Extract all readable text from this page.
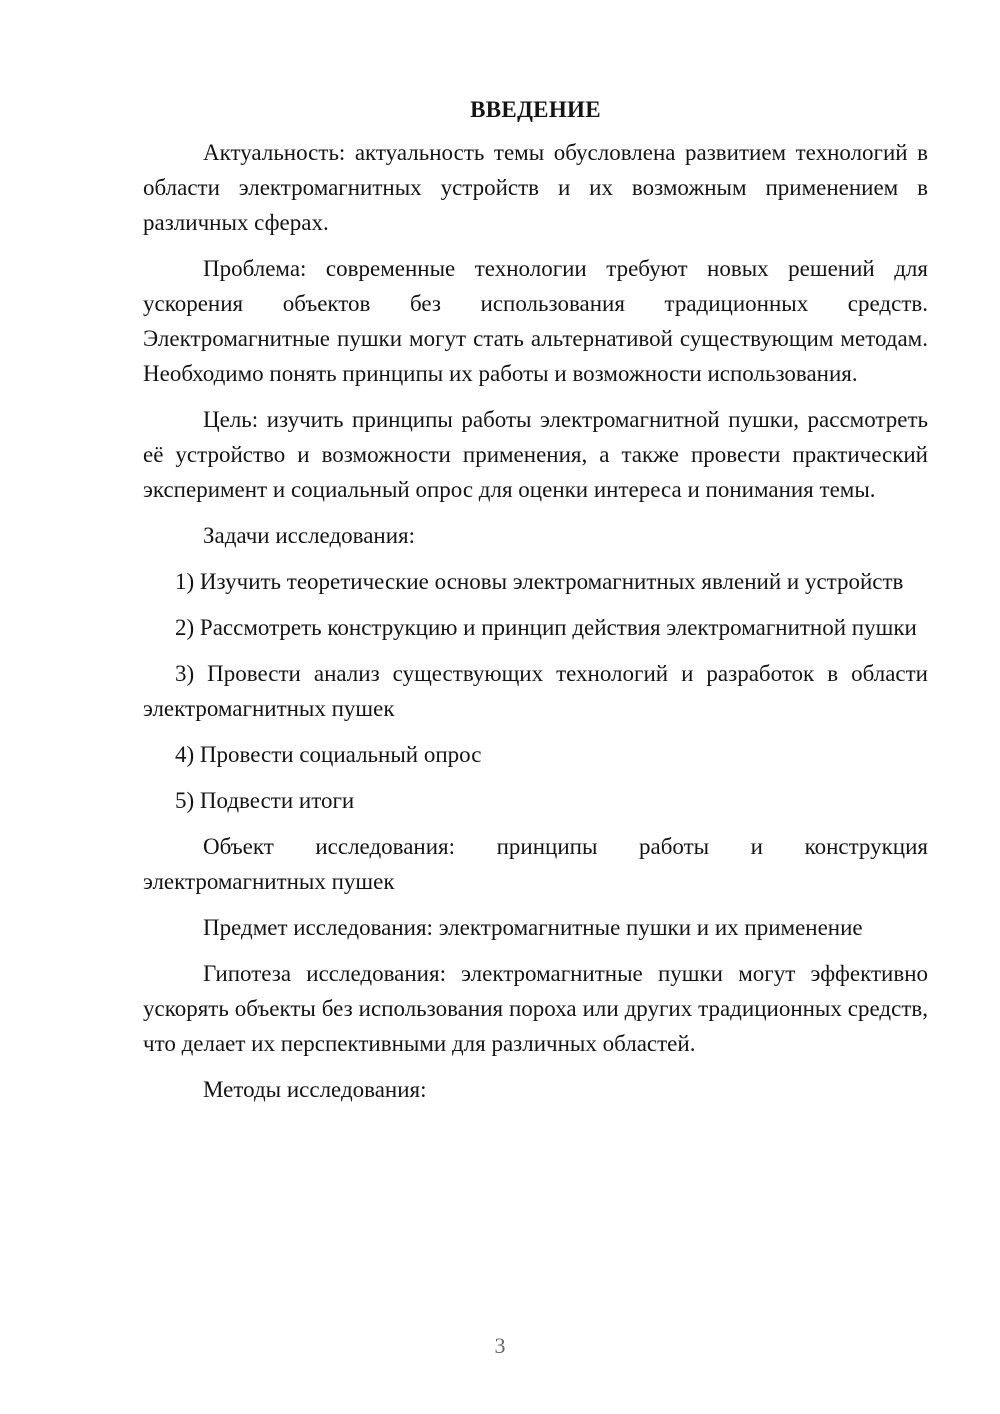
ВВЕДЕНИЕ

Актуальность: актуальность темы обусловлена развитием технологий в области электромагнитных устройств и их возможным применением в различных сферах.

Проблема: современные технологии требуют новых решений для ускорения объектов без использования традиционных средств. Электромагнитные пушки могут стать альтернативой существующим методам. Необходимо понять принципы их работы и возможности использования.

Цель: изучить принципы работы электромагнитной пушки, рассмотреть её устройство и возможности применения, а также провести практический эксперимент и социальный опрос для оценки интереса и понимания темы.

Задачи исследования:

1) Изучить теоретические основы электромагнитных явлений и устройств

2) Рассмотреть конструкцию и принцип действия электромагнитной пушки

3) Провести анализ существующих технологий и разработок в области электромагнитных пушек

4) Провести социальный опрос

5) Подвести итоги

Объект исследования: принципы работы и конструкция электромагнитных пушек

Предмет исследования: электромагнитные пушки и их применение

Гипотеза исследования: электромагнитные пушки могут эффективно ускорять объекты без использования пороха или других традиционных средств, что делает их перспективными для различных областей.

Методы исследования:

3
